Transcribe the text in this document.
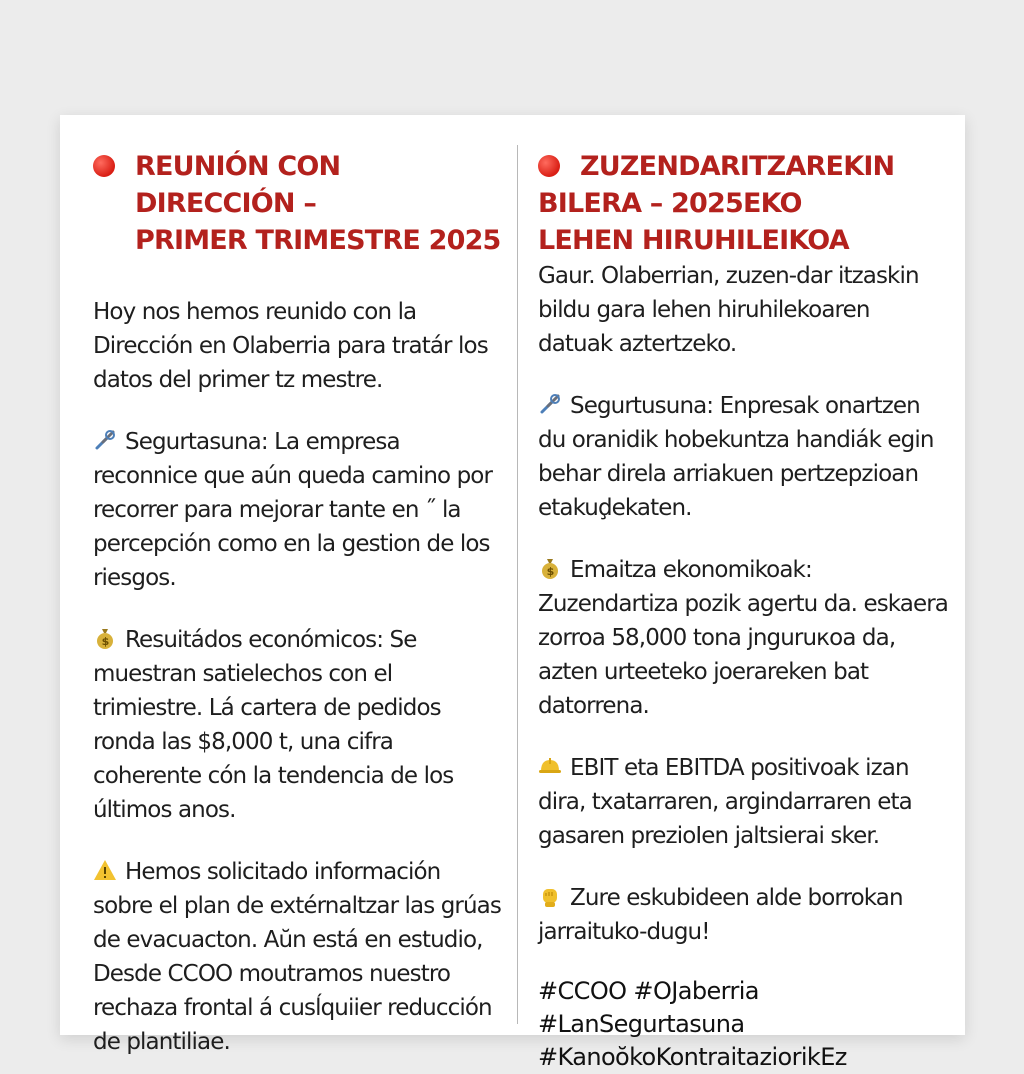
REUNIÓN CON DIRECCIÓN –
PRIMER TRIMESTRE 2025

Hoy nos hemos reunido con la Dirección en Olaberria para tratár los datos del primer tz mestre.

Segurtasuna: La empresa reconnice que aún queda camino por recorrer para mejorar tante en ˝ la percepción como en la gestion de los riesgos.

$ Resuitádos económicos: Se muestran satielechos con el trimiestre. Lá cartera de pedidos ronda las $8,000 t, una cifra coherente cón la tendencia de los últimos anos.

Hemos solicitado información sobre el plan de extérnaltzar las grúas de evacuacton. Aŭn está en estudio, Desde CCOO moutramos nuestro rechaza frontal á cusĺquiier reducción de plantiliae.

ZUZENDARITZAREKIN
BILERA – 2025EKO
LEHEN HIRUHILEIKOA

Gaur. Olaberrian, zuzen-dar itzaskin bildu gara lehen hiruhilekoaren datuak aztertzeko.

Segurtusuna: Enpresak onartzen du oranidik hobekuntza handiák egin behar direla arriakuen pertzepzioan etakuḑekaten.

$ Emaitza ekonomikoak: Zuzendartiza pozik agertu da. eskaera zorroa 58,000 tona jnguruкoa da, azten urteeteko joerareken bat datorrena.

EBIT eta EBITDA positivoak izan dira, txatarraren, argindarraren eta gasaren prezioIen jaltsierai sker.

Zure eskubideen alde borrokan jarraituko-dugu!

#CCOO #OJaberria
#LanSegurtasuna
#KanoŏkoKontraitaziorikEz
